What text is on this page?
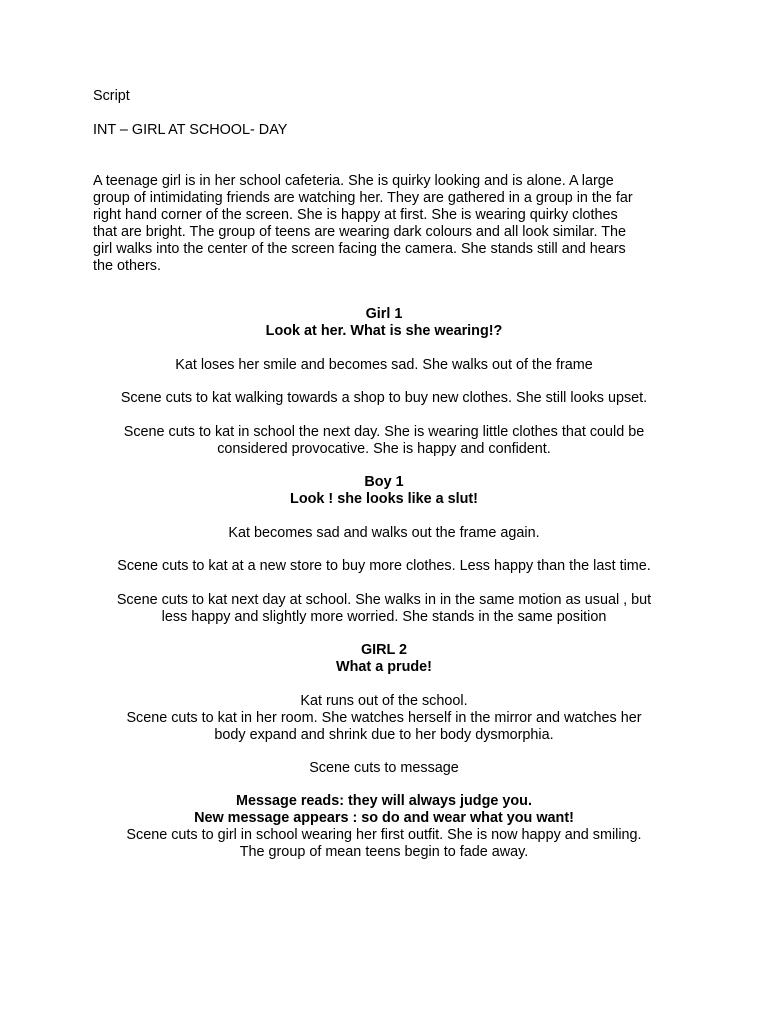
Script

INT – GIRL AT SCHOOL- DAY

A teenage girl is in her school cafeteria. She is quirky looking and is alone. A large
group of intimidating friends are watching her. They are gathered in a group in the far
right hand corner of the screen. She is happy at first. She is wearing quirky clothes
that are bright. The group of teens are wearing dark colours and all look similar. The
girl walks into the center of the screen facing the camera. She stands still and hears
the others.
Girl 1
Look at her. What is she wearing!?

Kat loses her smile and becomes sad. She walks out of the frame

Scene cuts to kat walking towards a shop to buy new clothes. She still looks upset.

Scene cuts to kat in school the next day. She is wearing little clothes that could be
considered provocative. She is happy and confident.
Boy 1
Look ! she looks like a slut!

Kat becomes sad and walks out the frame again.

Scene cuts to kat at a new store to buy more clothes. Less happy than the last time.

Scene cuts to kat next day at school. She walks in in the same motion as usual , but
less happy and slightly more worried. She stands in the same position
GIRL 2
What a prude!
Kat runs out of the school.
Scene cuts to kat in her room. She watches herself in the mirror and watches her
body expand and shrink due to her body dysmorphia.

Scene cuts to message

Message reads: they will always judge you.
New message appears : so do and wear what you want!
Scene cuts to girl in school wearing her first outfit. She is now happy and smiling.
The group of mean teens begin to fade away.
